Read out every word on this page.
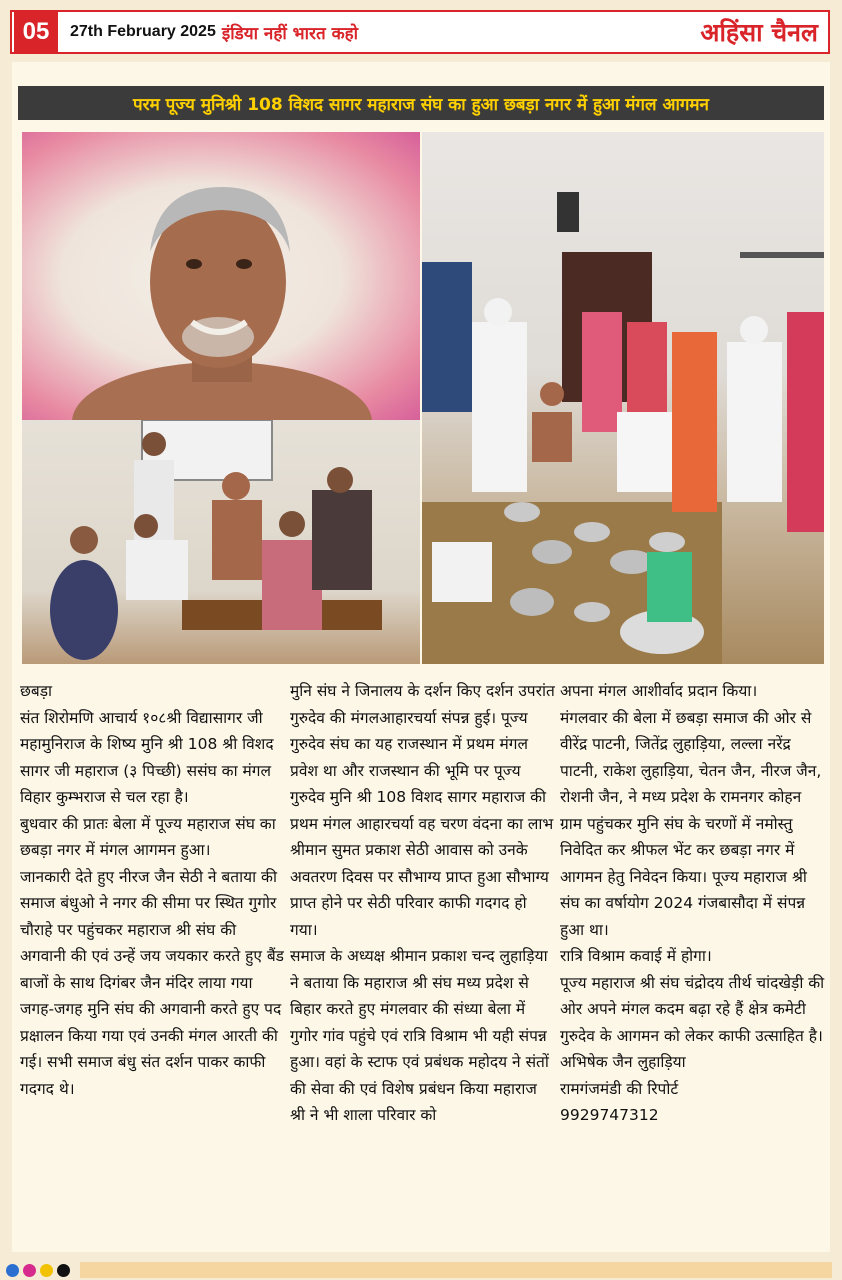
05	27th February 2025 इंडिया नहीं भारत कहो	अहिंसा चैनल
परम पूज्य मुनिश्री 108 विशद सागर महाराज संघ का हुआ छबड़ा नगर में हुआ मंगल आगमन

छबड़ा

संत शिरोमणि आचार्य १०८श्री विद्यासागर जी महामुनिराज के शिष्य मुनि श्री 108 श्री विशद सागर जी महाराज (३ पिच्छी) ससंघ का मंगल विहार कुम्भराज से चल रहा है।

बुधवार की प्रातः बेला में पूज्य महाराज संघ का छबड़ा नगर में मंगल आगमन हुआ।

जानकारी देते हुए नीरज जैन सेठी ने बताया की समाज बंधुओ ने नगर की सीमा पर स्थित गुगोर चौराहे पर पहुंचकर महाराज श्री संघ की अगवानी की एवं उन्हें जय जयकार करते हुए बैंड बाजों के साथ दिगंबर जैन मंदिर लाया गया जगह-जगह मुनि संघ की अगवानी करते हुए पद प्रक्षालन किया गया एवं उनकी मंगल आरती की गई। सभी समाज बंधु संत दर्शन पाकर काफी गदगद थे।

मुनि संघ ने जिनालय के दर्शन किए दर्शन उपरांत गुरुदेव की मंगलआहारचर्या संपन्न हुई। पूज्य गुरुदेव संघ का यह राजस्थान में प्रथम मंगल प्रवेश था और राजस्थान की भूमि पर पूज्य गुरुदेव मुनि श्री 108 विशद सागर महाराज की प्रथम मंगल आहारचर्या वह चरण वंदना का लाभ श्रीमान सुमत प्रकाश सेठी आवास को उनके अवतरण दिवस पर सौभाग्य प्राप्त हुआ सौभाग्य प्राप्त होने पर सेठी परिवार काफी गदगद हो गया।

समाज के अध्यक्ष श्रीमान प्रकाश चन्द लुहाड़िया ने बताया कि महाराज श्री संघ मध्य प्रदेश से बिहार करते हुए मंगलवार की संध्या बेला में गुगोर गांव पहुंचे एवं रात्रि विश्राम भी यही संपन्न हुआ। वहां के स्टाफ एवं प्रबंधक महोदय ने संतों की सेवा की एवं विशेष प्रबंधन किया महाराज श्री ने भी शाला परिवार को

अपना मंगल आशीर्वाद प्रदान किया।

मंगलवार की बेला में छबड़ा समाज की ओर से वीरेंद्र पाटनी, जितेंद्र लुहाड़िया, लल्ला नरेंद्र पाटनी, राकेश लुहाड़िया, चेतन जैन, नीरज जैन, रोशनी जैन, ने मध्य प्रदेश के रामनगर कोहन ग्राम पहुंचकर मुनि संघ के चरणों में नमोस्तु निवेदित कर श्रीफल भेंट कर छबड़ा नगर में आगमन हेतु निवेदन किया। पूज्य महाराज श्री संघ का वर्षायोग 2024 गंजबासौदा में संपन्न हुआ था।

रात्रि विश्राम कवाई में होगा।

पूज्य महाराज श्री संघ चंद्रोदय तीर्थ चांदखेड़ी की ओर अपने मंगल कदम बढ़ा रहे हैं क्षेत्र कमेटी गुरुदेव के आगमन को लेकर काफी उत्साहित है।

अभिषेक जैन लुहाड़िया

रामगंजमंडी की रिपोर्ट

9929747312
